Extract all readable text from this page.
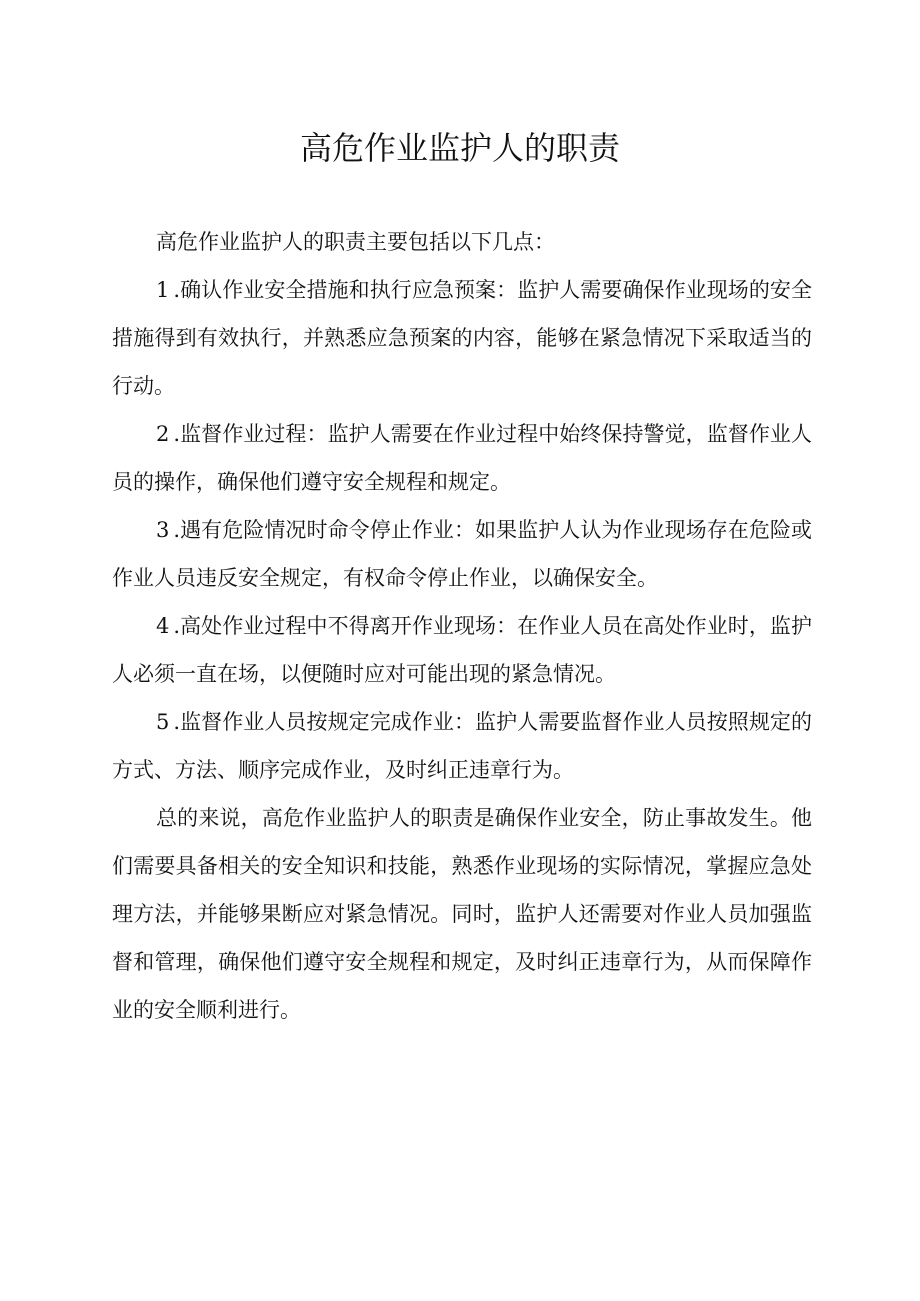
高危作业监护人的职责

高危作业监护人的职责主要包括以下几点：

1 .确认作业安全措施和执行应急预案：监护人需要确保作业现场的安全措施得到有效执行，并熟悉应急预案的内容，能够在紧急情况下采取适当的行动。

2 .监督作业过程：监护人需要在作业过程中始终保持警觉，监督作业人员的操作，确保他们遵守安全规程和规定。

3 .遇有危险情况时命令停止作业：如果监护人认为作业现场存在危险或作业人员违反安全规定，有权命令停止作业，以确保安全。

4 .高处作业过程中不得离开作业现场：在作业人员在高处作业时，监护人必须一直在场，以便随时应对可能出现的紧急情况。

5 .监督作业人员按规定完成作业：监护人需要监督作业人员按照规定的方式、方法、顺序完成作业，及时纠正违章行为。

总的来说，高危作业监护人的职责是确保作业安全，防止事故发生。他们需要具备相关的安全知识和技能，熟悉作业现场的实际情况，掌握应急处理方法，并能够果断应对紧急情况。同时，监护人还需要对作业人员加强监督和管理，确保他们遵守安全规程和规定，及时纠正违章行为，从而保障作业的安全顺利进行。
